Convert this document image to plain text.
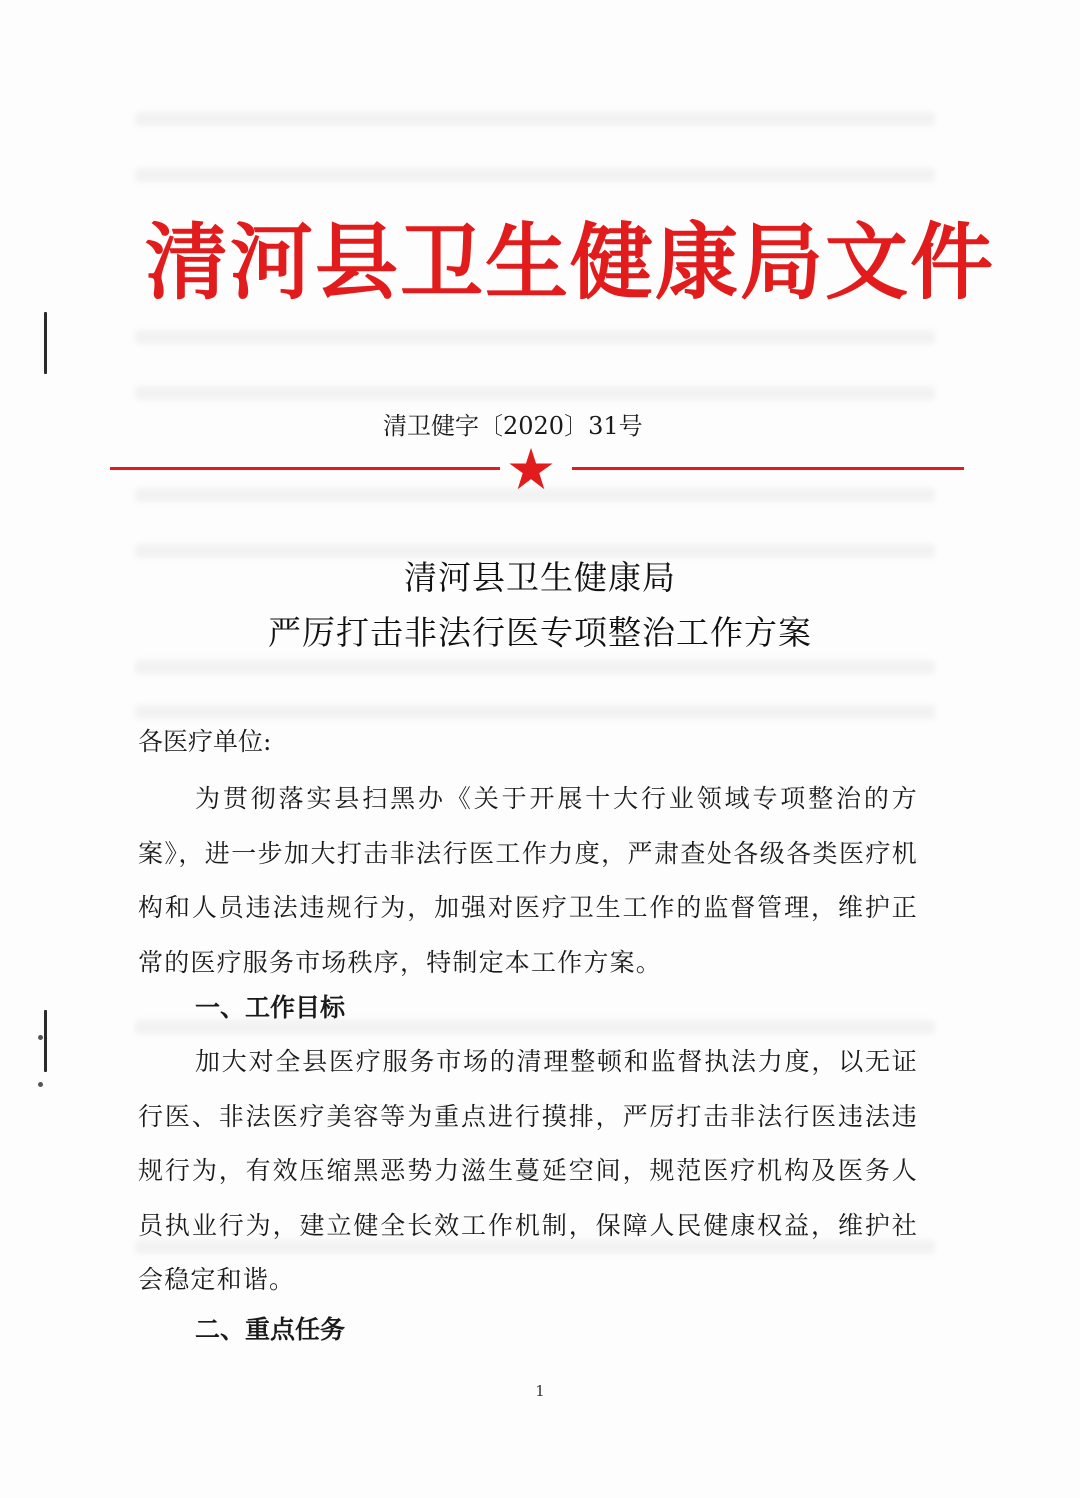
清河县卫生健康局文件
清卫健字〔2020〕31号
清河县卫生健康局
严厉打击非法行医专项整治工作方案
各医疗单位:

为贯彻落实县扫黑办《关于开展十大行业领域专项整治的方案》，进一步加大打击非法行医工作力度，严肃查处各级各类医疗机构和人员违法违规行为，加强对医疗卫生工作的监督管理，维护正常的医疗服务市场秩序，特制定本工作方案。

一、工作目标

加大对全县医疗服务市场的清理整顿和监督执法力度，以无证行医、非法医疗美容等为重点进行摸排，严厉打击非法行医违法违规行为，有效压缩黑恶势力滋生蔓延空间，规范医疗机构及医务人员执业行为，建立健全长效工作机制，保障人民健康权益，维护社会稳定和谐。

二、重点任务
1
